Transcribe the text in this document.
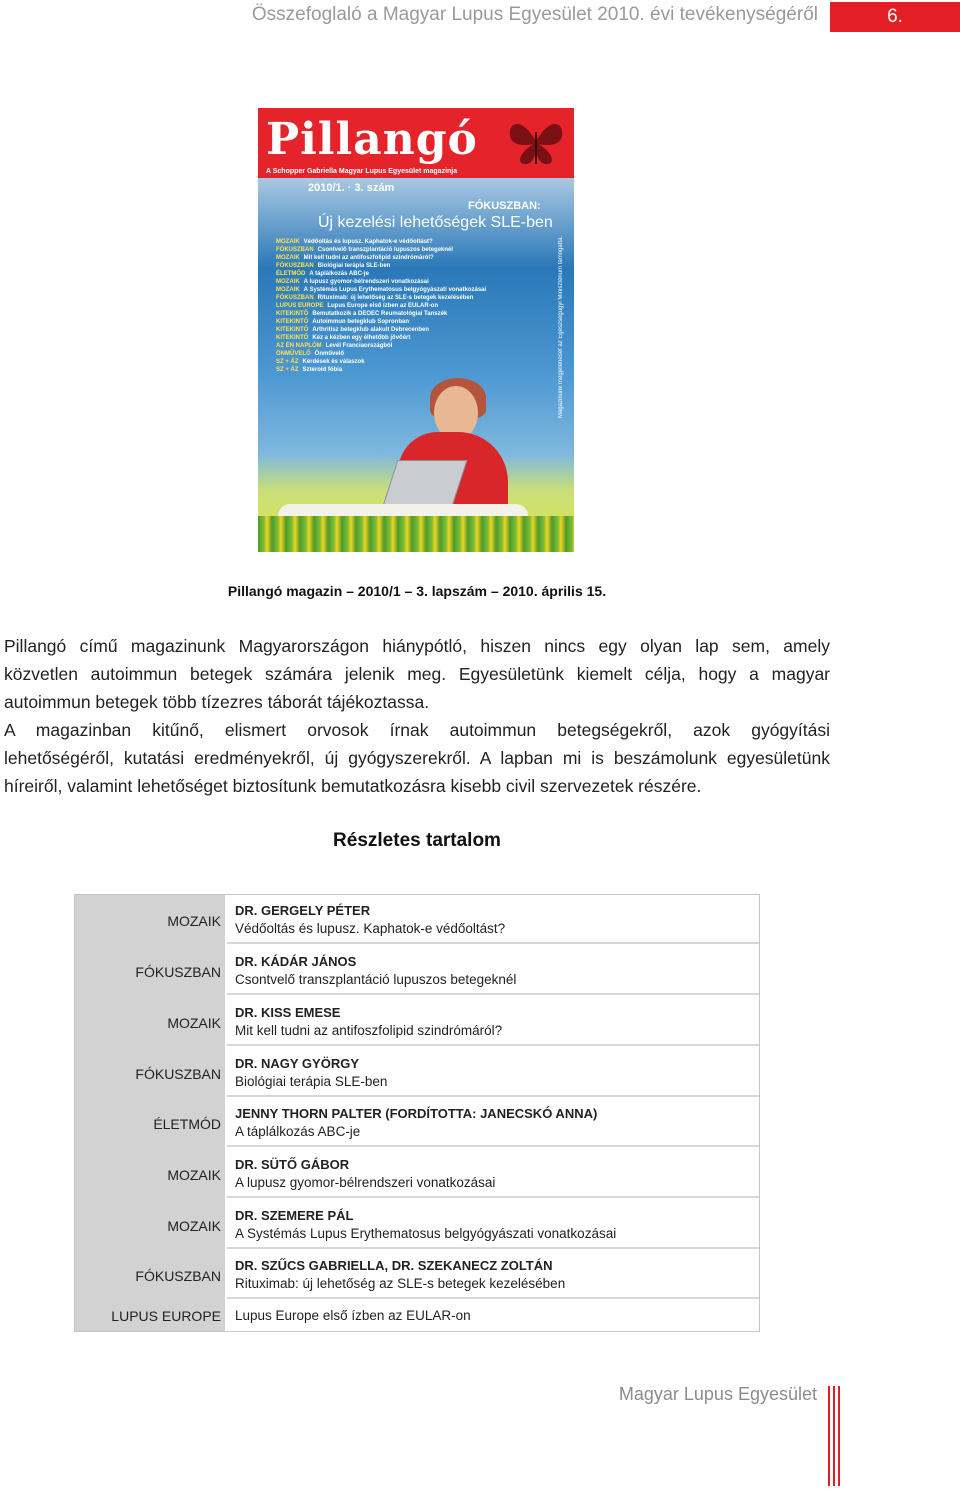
Összefoglaló a Magyar Lupus Egyesület 2010. évi tevékenységéről	6.
Pillangó
A Schopper Gabriella Magyar Lupus Egyesület magazinja
2010/1. · 3. szám
FÓKUSZBAN:
Új kezelési lehetőségek SLE-ben
MOZAIK Védőoltás és lupusz. Kaphatok-e védőoltást?
FÓKUSZBAN Csontvelő transzplantáció lupuszos betegeknél
MOZAIK Mit kell tudni az antifoszfolipid szindrómáról?
FÓKUSZBAN Biológiai terápia SLE-ben
ÉLETMÓD A táplálkozás ABC-je
MOZAIK A lupusz gyomor-bélrendszeri vonatkozásai
MOZAIK A Systémás Lupus Erythematosus belgyógyászati vonatkozásai
FÓKUSZBAN Rituximab: új lehetőség az SLE-s betegek kezelésében
LUPUS EUROPE Lupus Europe első ízben az EULAR-on
KITEKINTŐ Bemutatkozik a DEOEC Reumatológiai Tanszék
KITEKINTŐ Autoimmun betegklub Sopronban
KITEKINTŐ Arthritisz betegklub alakult Debrecenben
KITEKINTŐ Kéz a kézben egy élhetőbb jövőért
AZ ÉN NAPLÓM Levél Franciaországból
ÖNMŰVELŐ Önművelő
SZ + ÁZ Kérdések és válaszok
SZ + ÁZ Szteroid fóbia	Magazinunk megjelenését az Egészségügyi Minisztérium támogatta.
Pillangó magazin – 2010/1 – 3. lapszám – 2010. április 15.
Pillangó című magazinunk Magyarországon hiánypótló, hiszen nincs egy olyan lap sem, amely
közvetlen autoimmun betegek számára jelenik meg. Egyesületünk kiemelt célja, hogy a magyar
autoimmun betegek több tízezres táborát tájékoztassa.
A magazinban kitűnő, elismert orvosok írnak autoimmun betegségekről, azok gyógyítási
lehetőségéről, kutatási eredményekről, új gyógyszerekről. A lapban mi is beszámolunk egyesületünk
híreiről, valamint lehetőséget biztosítunk bemutatkozásra kisebb civil szervezetek részére.
Részletes tartalom
MOZAIK
DR. GERGELY PÉTER
Védőoltás és lupusz. Kaphatok-e védőoltást?
FÓKUSZBAN
DR. KÁDÁR JÁNOS
Csontvelő transzplantáció lupuszos betegeknél
MOZAIK
DR. KISS EMESE
Mit kell tudni az antifoszfolipid szindrómáról?
FÓKUSZBAN
DR. NAGY GYÖRGY
Biológiai terápia SLE-ben
ÉLETMÓD
JENNY THORN PALTER (FORDÍTOTTA: JANECSKÓ ANNA)
A táplálkozás ABC-je
MOZAIK
DR. SÜTŐ GÁBOR
A lupusz gyomor-bélrendszeri vonatkozásai
MOZAIK
DR. SZEMERE PÁL
A Systémás Lupus Erythematosus belgyógyászati vonatkozásai
FÓKUSZBAN
DR. SZŰCS GABRIELLA, DR. SZEKANECZ ZOLTÁN
Rituximab: új lehetőség az SLE-s betegek kezelésében
LUPUS EUROPE Lupus Europe első ízben az EULAR-on
Magyar Lupus Egyesület
